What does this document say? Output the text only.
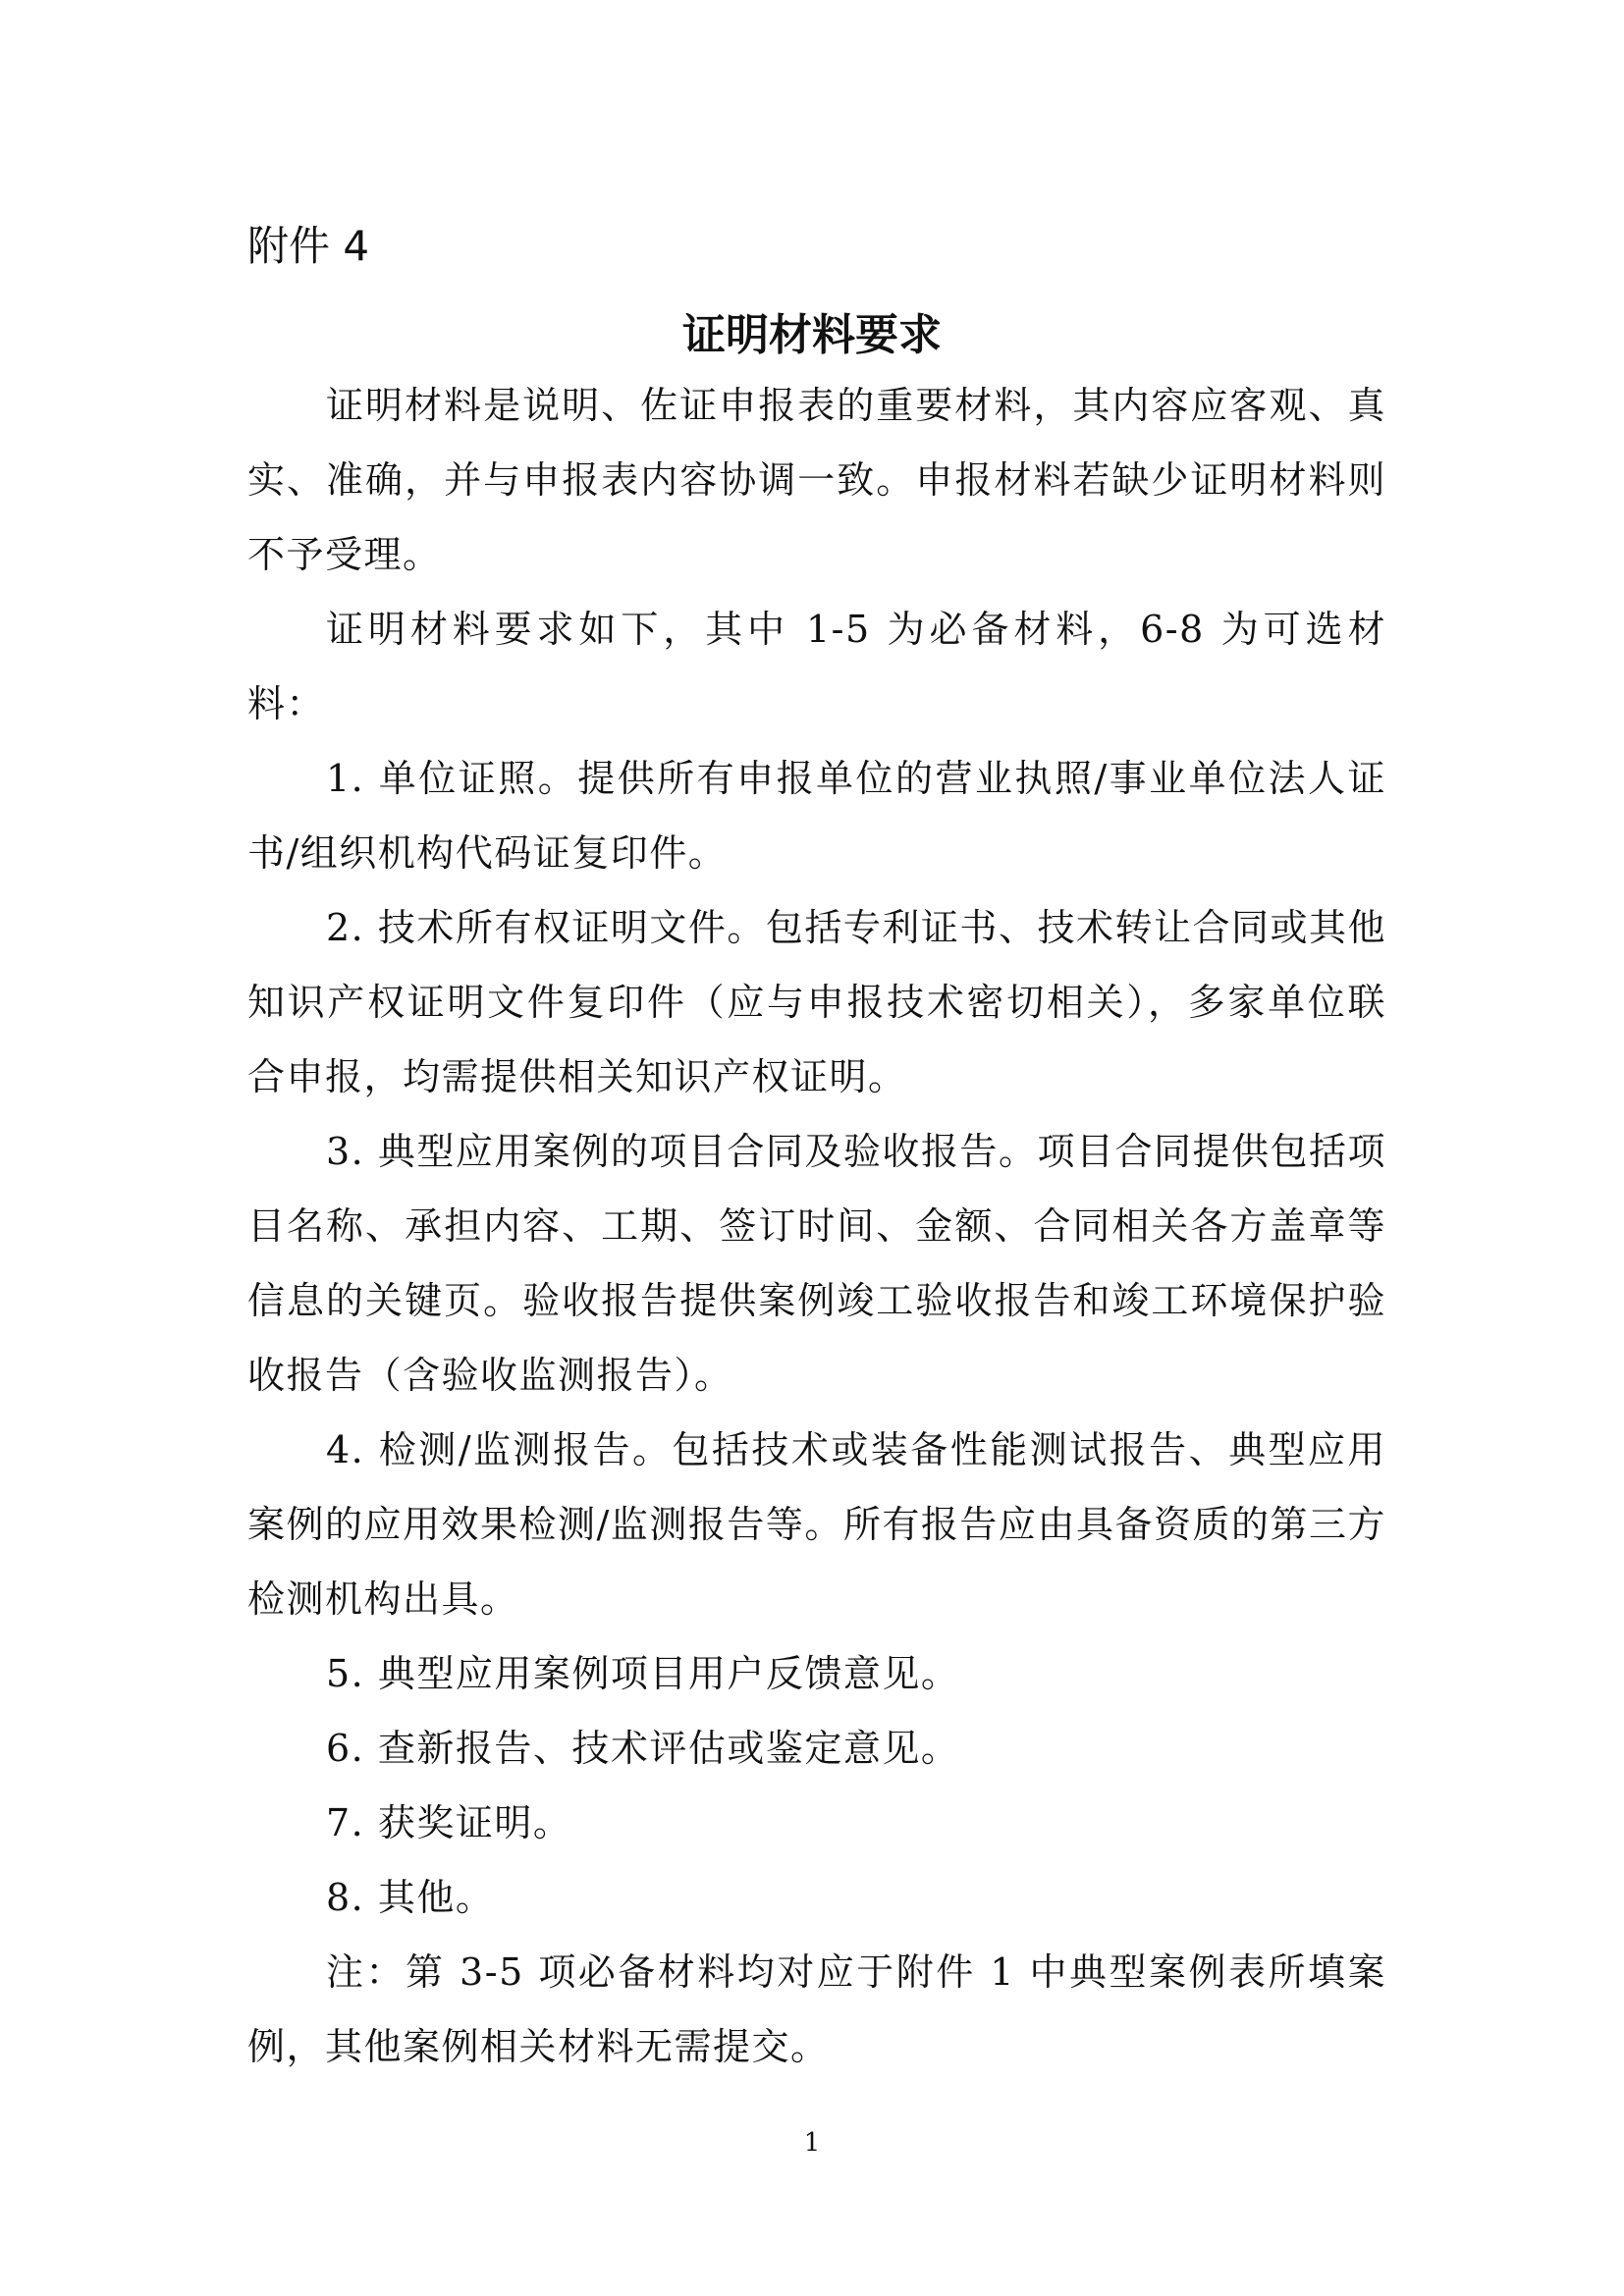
附件 4
证明材料要求

证明材料是说明、佐证申报表的重要材料，其内容应客观、真实、准确，并与申报表内容协调一致。申报材料若缺少证明材料则不予受理。

证明材料要求如下，其中 1-5 为必备材料，6-8 为可选材料：

1. 单位证照。提供所有申报单位的营业执照/事业单位法人证书/组织机构代码证复印件。

2. 技术所有权证明文件。包括专利证书、技术转让合同或其他知识产权证明文件复印件（应与申报技术密切相关），多家单位联合申报，均需提供相关知识产权证明。

3. 典型应用案例的项目合同及验收报告。项目合同提供包括项目名称、承担内容、工期、签订时间、金额、合同相关各方盖章等信息的关键页。验收报告提供案例竣工验收报告和竣工环境保护验收报告（含验收监测报告）。

4. 检测/监测报告。包括技术或装备性能测试报告、典型应用案例的应用效果检测/监测报告等。所有报告应由具备资质的第三方检测机构出具。

5. 典型应用案例项目用户反馈意见。

6. 查新报告、技术评估或鉴定意见。

7. 获奖证明。

8. 其他。

注：第 3-5 项必备材料均对应于附件 1 中典型案例表所填案例，其他案例相关材料无需提交。

1
